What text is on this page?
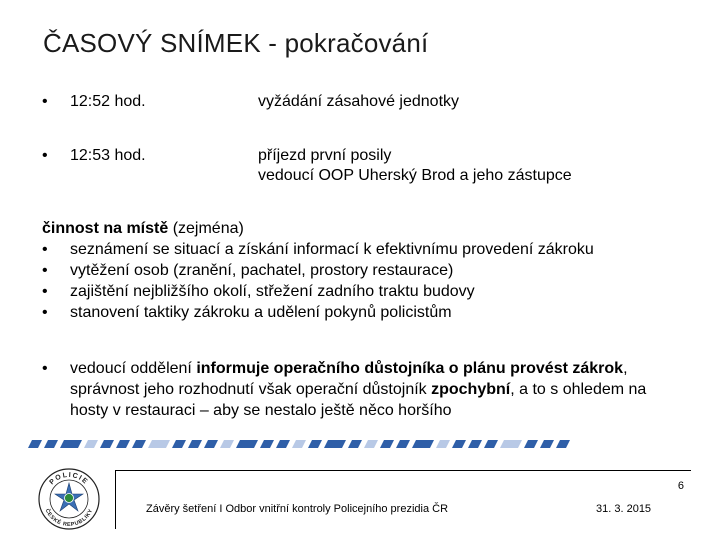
ČASOVÝ SNÍMEK - pokračování
• 12:52 hod.	vyžádání zásahové jednotky
• 12:53 hod.	příjezd první posily
vedoucí OOP Uherský Brod a jeho zástupce
činnost na místě (zejména)
• seznámení se situací a získání informací k efektivnímu provedení zákroku
• vytěžení osob (zranění, pachatel, prostory restaurace)
• zajištění nejbližšího okolí, střežení zadního traktu budovy
• stanovení taktiky zákroku a udělení pokynů policistům
• vedoucí oddělení informuje operačního důstojníka o plánu provést zákrok, správnost jeho rozhodnutí však operační důstojník zpochybní, a to s ohledem na hosty v restauraci – aby se nestalo ještě něco horšího
6
Závěry šetření I Odbor vnitřní kontroly Policejního prezidia ČR	31. 3. 2015
POLICIE
ČESKÉ REPUBLIKY
